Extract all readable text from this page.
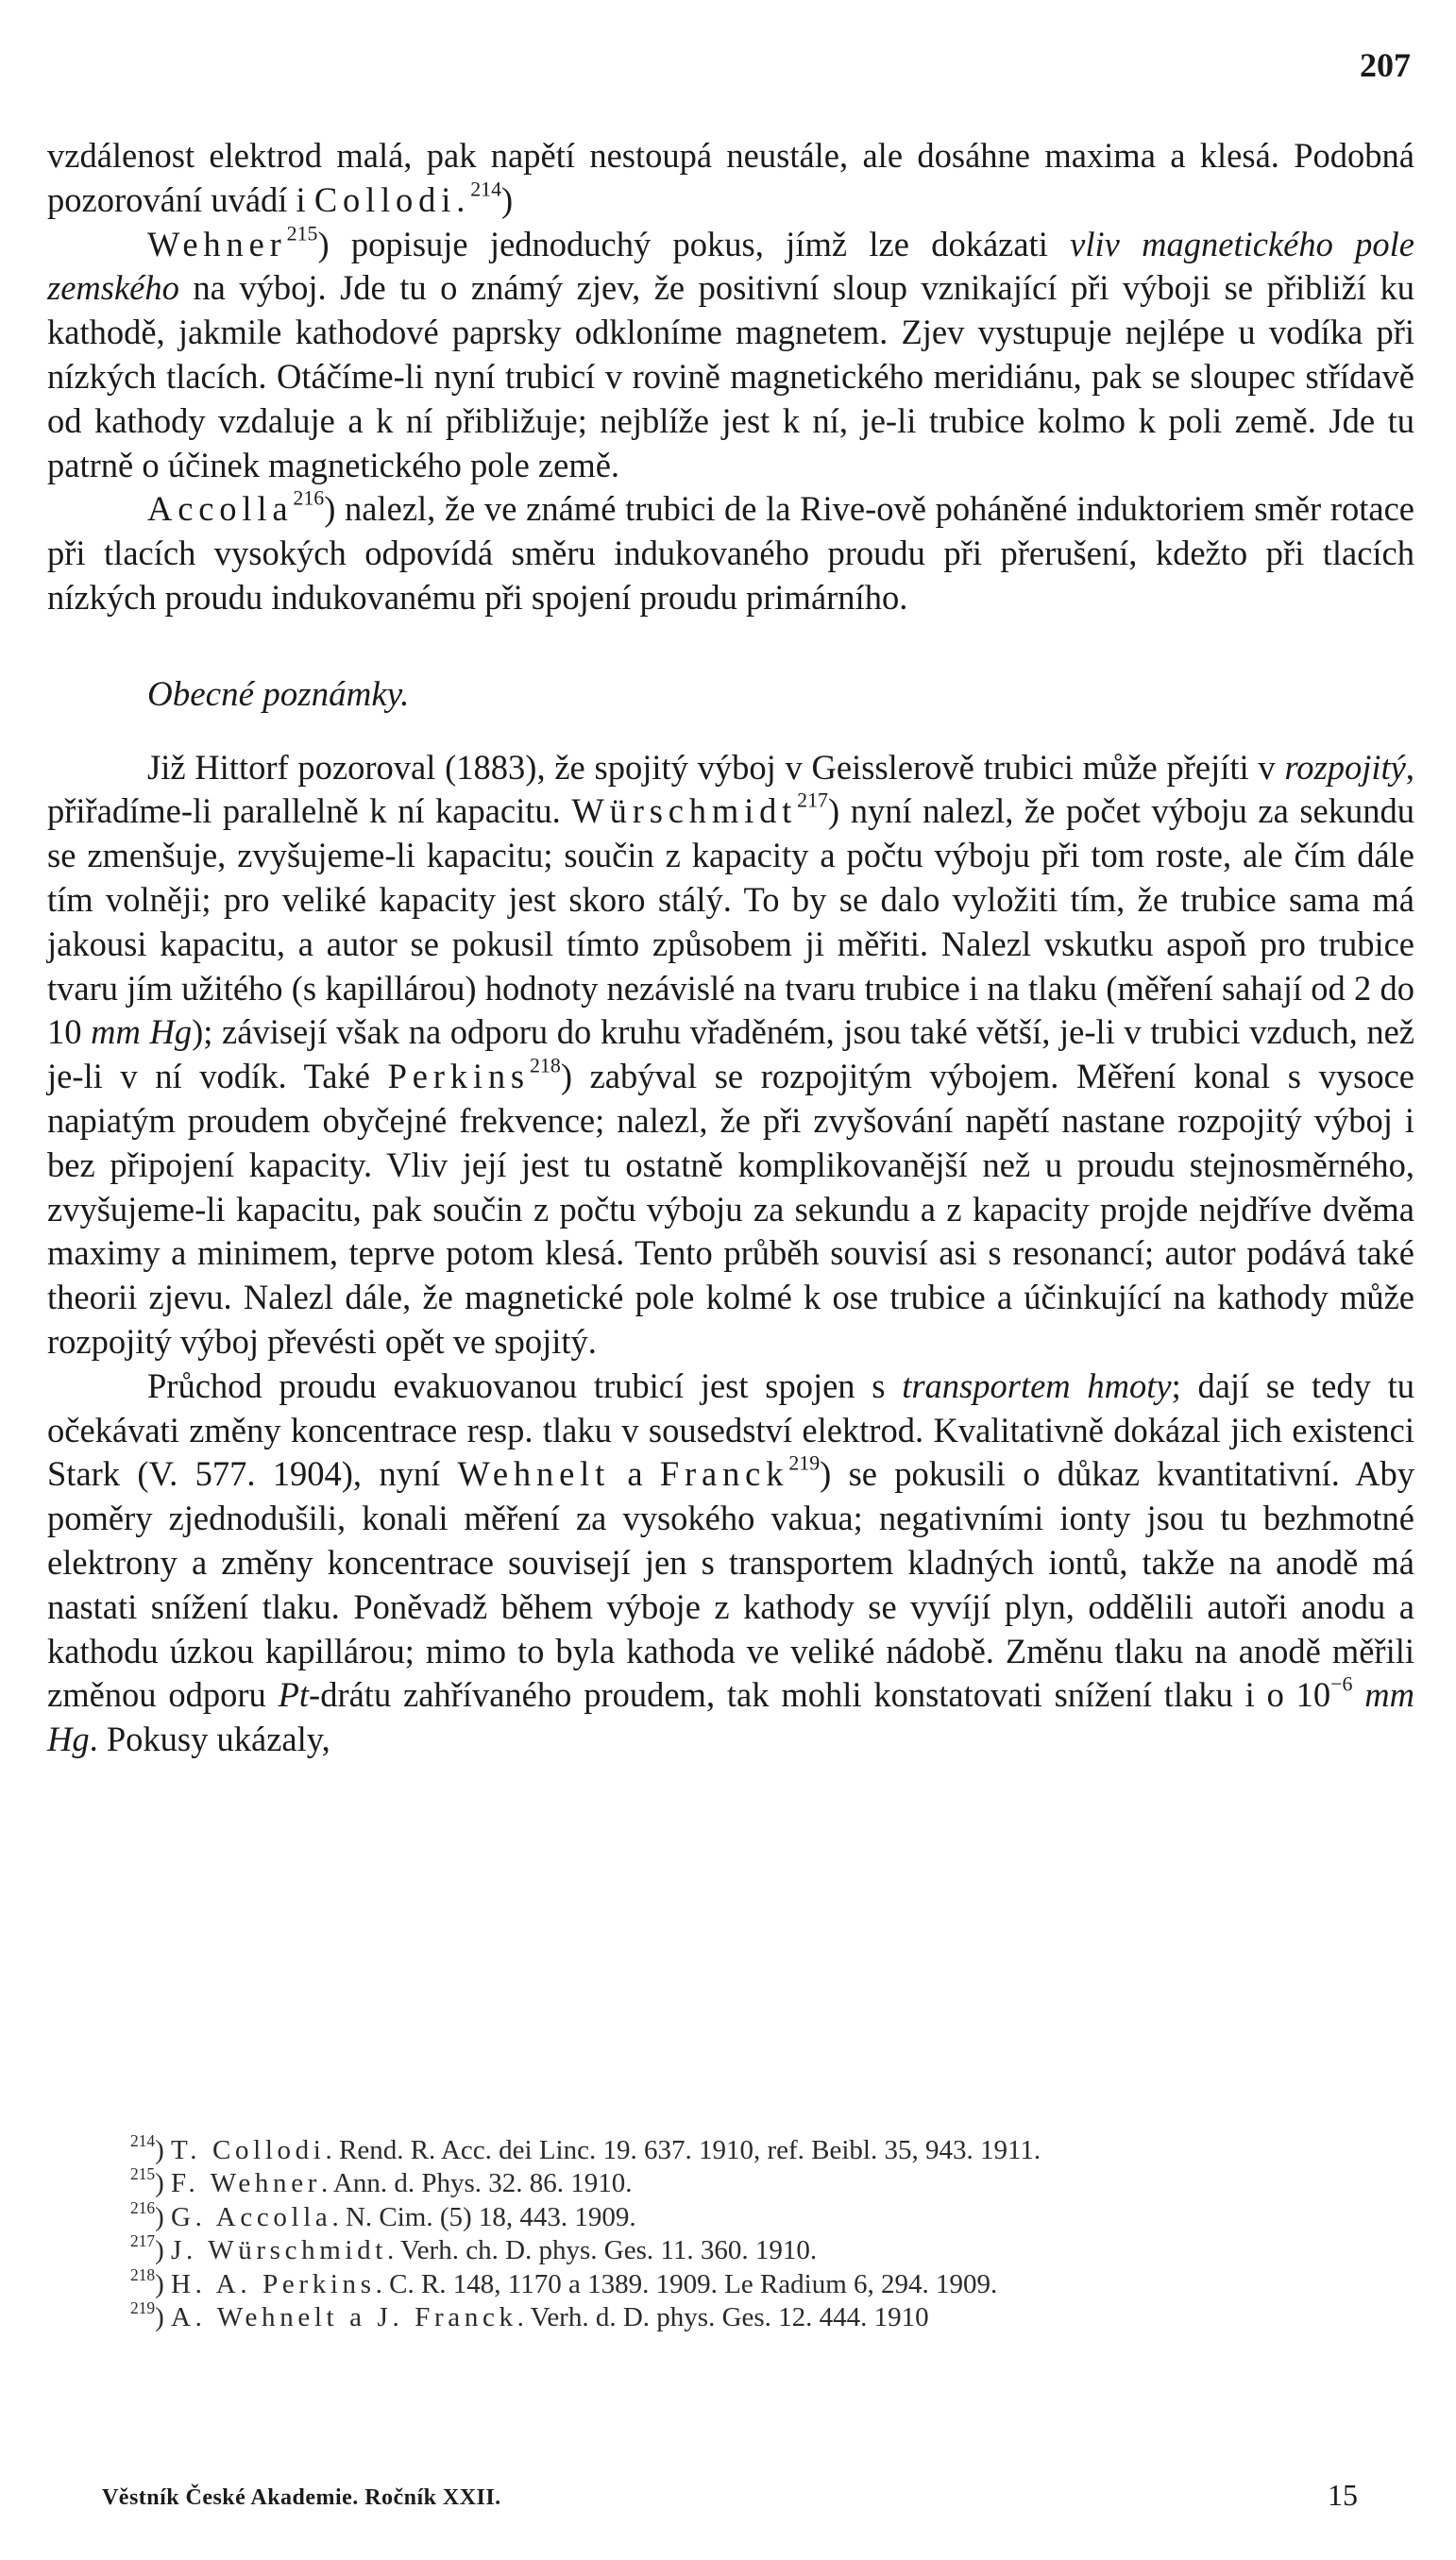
207

vzdálenost elektrod malá, pak napětí nestoupá neustále, ale dosáhne maxima a klesá. Podobná pozorování uvádí i Collodi.$^{214}$)

Wehner$^{215}$) popisuje jednoduchý pokus, jímž lze dokázati vliv magnetického pole zemského na výboj. Jde tu o známý zjev, že positivní sloup vznikající při výboji se přibliží ku kathodě, jakmile kathodové paprsky odkloníme magnetem. Zjev vystupuje nejlépe u vodíka při nízkých tlacích. Otáčíme-li nyní trubicí v rovině magnetického meridiánu, pak se sloupec střídavě od kathody vzdaluje a k ní přibližuje; nejblíže jest k ní, je-li trubice kolmo k poli země. Jde tu patrně o účinek magnetického pole země.

Accolla$^{216}$) nalezl, že ve známé trubici de la Rive-ově poháněné induktoriem směr rotace při tlacích vysokých odpovídá směru indukovaného proudu při přerušení, kdežto při tlacích nízkých proudu indukovanému při spojení proudu primárního.

Obecné poznámky.

Již Hittorf pozoroval (1883), že spojitý výboj v Geisslerově trubici může přejíti v rozpojitý, přiřadíme-li parallelně k ní kapacitu. Würschmidt$^{217}$) nyní nalezl, že počet výboju za sekundu se zmenšuje, zvyšujeme-li kapacitu; součin z kapacity a počtu výboju při tom roste, ale čím dále tím volněji; pro veliké kapacity jest skoro stálý. To by se dalo vyložiti tím, že trubice sama má jakousi kapacitu, a autor se pokusil tímto způsobem ji měřiti. Nalezl vskutku aspoň pro trubice tvaru jím užitého (s kapillárou) hodnoty nezávislé na tvaru trubice i na tlaku (měření sahají od 2 do 10 mm Hg); závisejí však na odporu do kruhu vřaděném, jsou také větší, je-li v trubici vzduch, než je-li v ní vodík. Také Perkins$^{218}$) zabýval se rozpojitým výbojem. Měření konal s vysoce napiatým proudem obyčejné frekvence; nalezl, že při zvyšování napětí nastane rozpojitý výboj i bez připojení kapacity. Vliv její jest tu ostatně komplikovanější než u proudu stejnosměrného, zvyšujeme-li kapacitu, pak součin z počtu výboju za sekundu a z kapacity projde nejdříve dvěma maximy a minimem, teprve potom klesá. Tento průběh souvisí asi s resonancí; autor podává také theorii zjevu. Nalezl dále, že magnetické pole kolmé k ose trubice a účinkující na kathody může rozpojitý výboj převésti opět ve spojitý.

Průchod proudu evakuovanou trubicí jest spojen s transportem hmoty; dají se tedy tu očekávati změny koncentrace resp. tlaku v sousedství elektrod. Kvalitativně dokázal jich existenci Stark (V. 577. 1904), nyní Wehnelt a Franck$^{219}$) se pokusili o důkaz kvantitativní. Aby poměry zjednodušili, konali měření za vysokého vakua; negativními ionty jsou tu bezhmotné elektrony a změny koncentrace souvisejí jen s transportem kladných iontů, takže na anodě má nastati snížení tlaku. Poněvadž během výboje z kathody se vyvíjí plyn, oddělili autoři anodu a kathodu úzkou kapillárou; mimo to byla kathoda ve veliké nádobě. Změnu tlaku na anodě měřili změnou odporu Pt-drátu zahřívaného proudem, tak mohli konstatovati snížení tlaku i o $10^{-6}$ mm Hg. Pokusy ukázaly,

$^{214}$) T. Collodi. Rend. R. Acc. dei Linc. 19. 637. 1910, ref. Beibl. 35, 943. 1911.

$^{215}$) F. Wehner. Ann. d. Phys. 32. 86. 1910.

$^{216}$) G. Accolla. N. Cim. (5) 18, 443. 1909.

$^{217}$) J. Würschmidt. Verh. ch. D. phys. Ges. 11. 360. 1910.

$^{218}$) H. A. Perkins. C. R. 148, 1170 a 1389. 1909. Le Radium 6, 294. 1909.

$^{219}$) A. Wehnelt a J. Franck. Verh. d. D. phys. Ges. 12. 444. 1910

Věstník České Akademie. Ročník XXII.	15
